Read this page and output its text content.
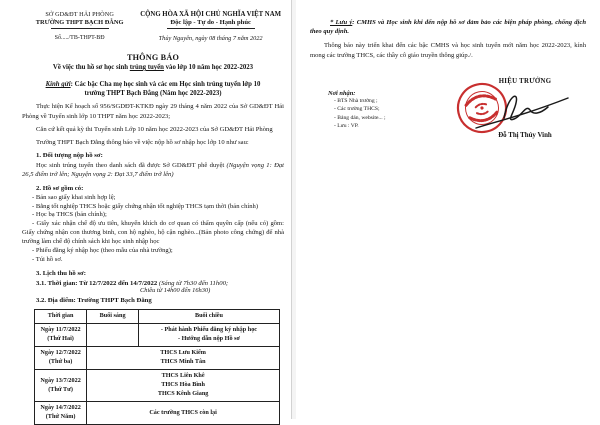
SỞ GD&ĐT HẢI PHÒNG
TRƯỜNG THPT BẠCH ĐẰNG
Số...../TB-THPT-BĐ
CỘNG HÒA XÃ HỘI CHỦ NGHĨA VIỆT NAM
Độc lập - Tự do - Hạnh phúc
Thủy Nguyên, ngày 08 tháng 7 năm 2022
THÔNG BÁO
Về việc thu hồ sơ học sinh trúng tuyển vào lớp 10 năm học 2022-2023
Kính gửi: Các bậc Cha mẹ học sinh và các em Học sinh trúng tuyển lớp 10
trường THPT Bạch Đằng (Năm học 2022-2023)
Thực hiện Kế hoạch số 956/SGDĐT-KTKĐ ngày 29 tháng 4 năm 2022 của Sở GD&ĐT Hải Phòng về Tuyển sinh lớp 10 THPT năm học 2022-2023;
Căn cứ kết quả kỳ thi Tuyển sinh Lớp 10 năm học 2022-2023 của Sở GD&ĐT Hải Phòng
Trường THPT Bạch Đằng thông báo về việc nộp hồ sơ nhập học lớp 10 như sau:
1. Đối tượng nộp hồ sơ:
Học sinh trúng tuyển theo danh sách đã được Sở GD&ĐT phê duyệt (Nguyện vọng 1: Đạt 26,5 điểm trở lên; Nguyện vọng 2: Đạt 33,7 điểm trở lên)
2. Hồ sơ gồm có:
- Bản sao giấy khai sinh hợp lệ;
- Bằng tốt nghiệp THCS hoặc giấy chứng nhận tốt nghiệp THCS tạm thời (bản chính)
- Học bạ THCS (bản chính);
- Giấy xác nhận chế độ ưu tiên, khuyến khích do cơ quan có thẩm quyền cấp (nếu có) gồm: Giấy chứng nhận con thương binh, con hộ nghèo, hộ cận nghèo...(Bản photo công chứng) để nhà trường làm chế độ chính sách khi học sinh nhập học
- Phiếu đăng ký nhập học (theo mẫu của nhà trường);
- Túi hồ sơ.
3. Lịch thu hồ sơ:
3.1. Thời gian: Từ 12/7/2022 đến 14/7/2022 (Sáng từ 7h30 đến 11h00;
Chiều từ 14h00 đến 16h30)
3.2. Địa điểm: Trường THPT Bạch Đằng
Thời gian	Buổi sáng	Buổi chiều
Ngày 11/7/2022
(Thứ Hai)		- Phát hành Phiếu đăng ký nhập học
- Hướng dẫn nộp Hồ sơ
Ngày 12/7/2022
(Thứ ba)	THCS Lưu Kiếm
THCS Minh Tân	
Ngày 13/7/2022
(Thứ Tư)	THCS Liên Khê
THCS Hòa Bình
THCS Kênh Giang	
Ngày 14/7/2022
(Thứ Năm)	Các trường THCS còn lại	
* Lưu ý: CMHS và Học sinh khi đến nộp hồ sơ đảm bảo các biện pháp phòng, chống dịch theo quy định.
Thông báo này triển khai đến các bậc CMHS và học sinh tuyển mới năm học 2022-2023, kính mong các trường THCS, các thầy cô giáo truyền thông giúp./.
Nơi nhận:
- BTS Nhà trường ;
- Các trường THCS;
- Bảng dán, website... ;
- Lưu : VP.
HIỆU TRƯỞNG
Đỗ Thị Thúy Vinh
